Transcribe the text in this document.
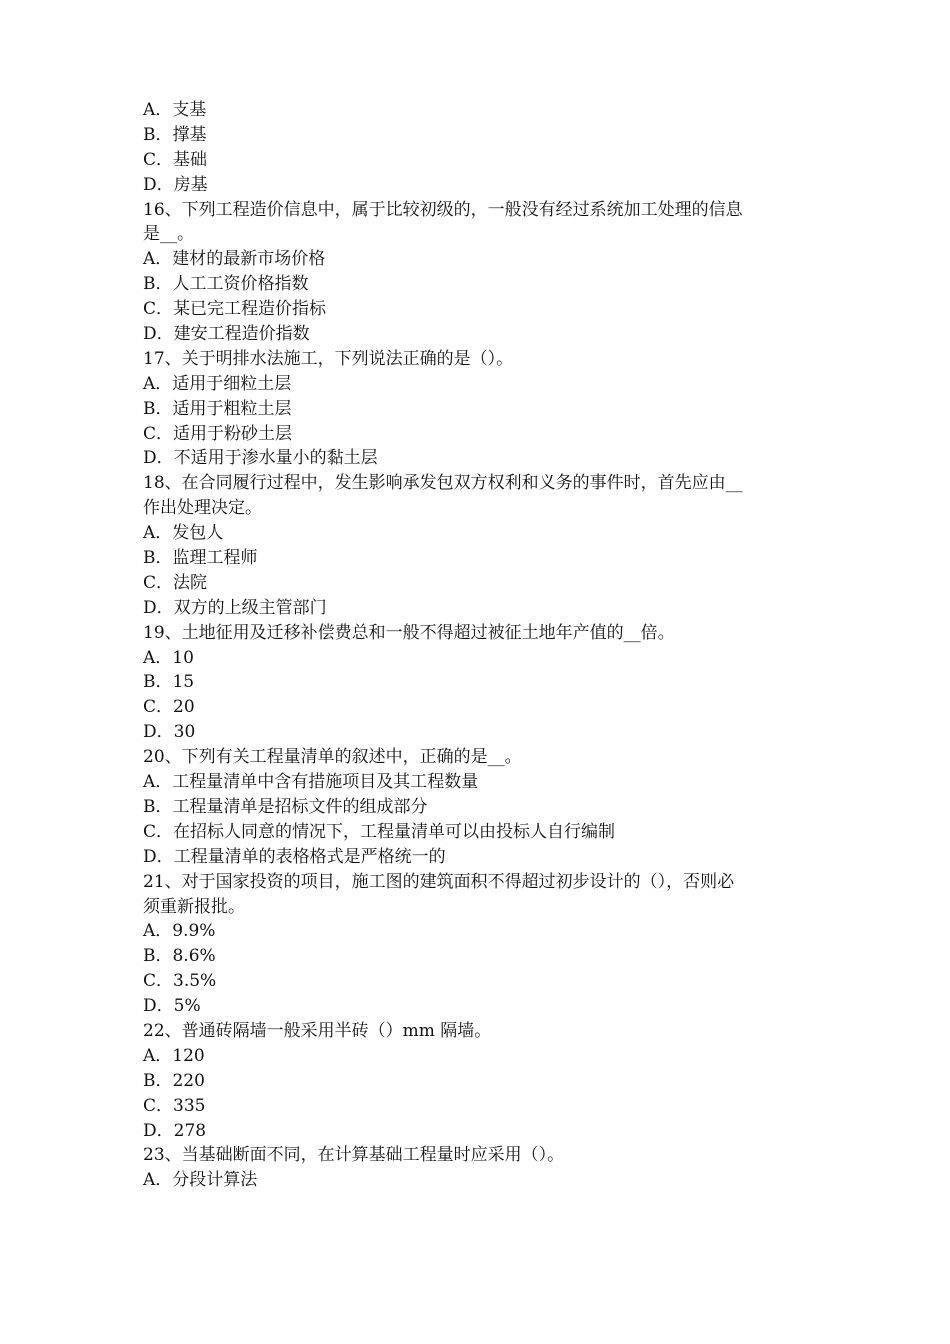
A．支基
B．撑基
C．基础
D．房基
16、下列工程造价信息中，属于比较初级的，一般没有经过系统加工处理的信息
是__。
A．建材的最新市场价格
B．人工工资价格指数
C．某已完工程造价指标
D．建安工程造价指数
17、关于明排水法施工，下列说法正确的是（）。
A．适用于细粒土层
B．适用于粗粒土层
C．适用于粉砂土层
D．不适用于渗水量小的黏土层
18、在合同履行过程中，发生影响承发包双方权利和义务的事件时，首先应由__
作出处理决定。
A．发包人
B．监理工程师
C．法院
D．双方的上级主管部门
19、土地征用及迁移补偿费总和一般不得超过被征土地年产值的__倍。
A．10
B．15
C．20
D．30
20、下列有关工程量清单的叙述中，正确的是__。
A．工程量清单中含有措施项目及其工程数量
B．工程量清单是招标文件的组成部分
C．在招标人同意的情况下，工程量清单可以由投标人自行编制
D．工程量清单的表格格式是严格统一的
21、对于国家投资的项目，施工图的建筑面积不得超过初步设计的（），否则必
须重新报批。
A．9.9%
B．8.6%
C．3.5%
D．5%
22、普通砖隔墙一般采用半砖（）mm 隔墙。
A．120
B．220
C．335
D．278
23、当基础断面不同，在计算基础工程量时应采用（）。
A．分段计算法
